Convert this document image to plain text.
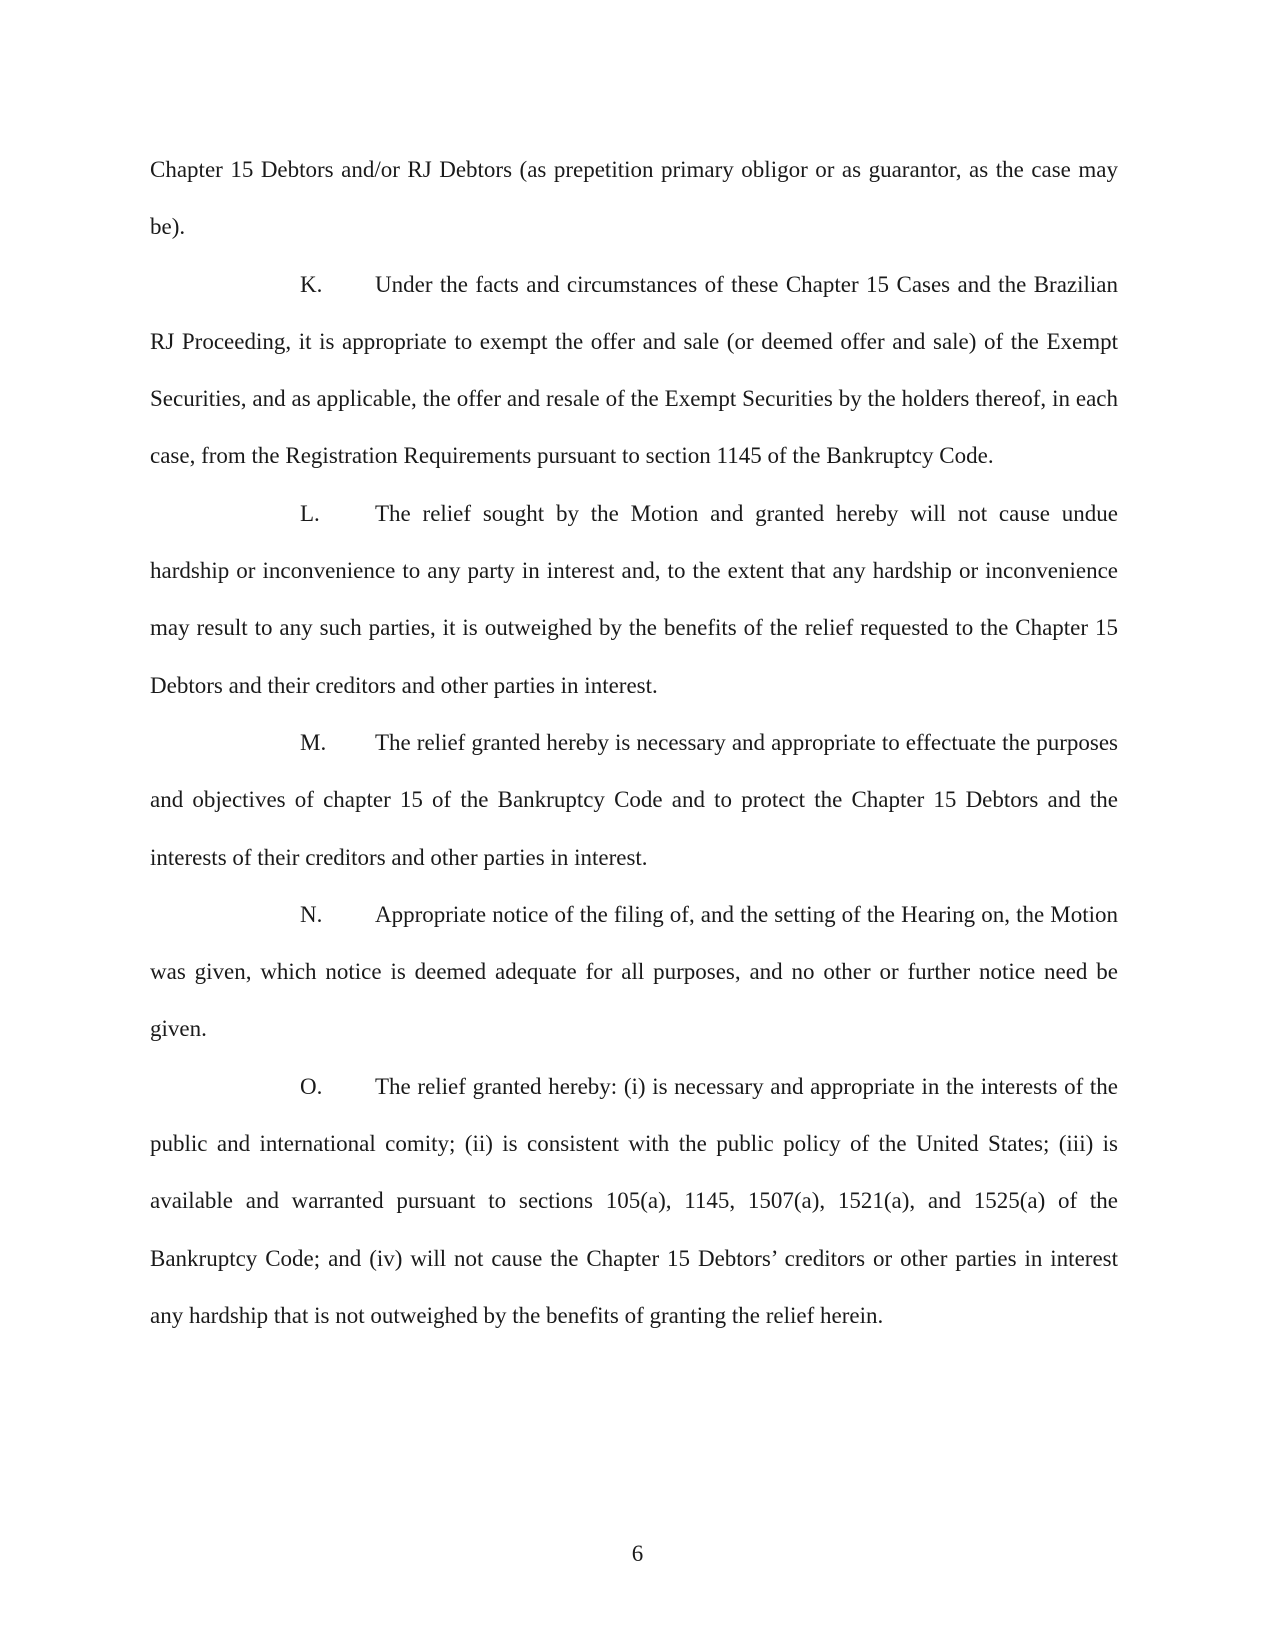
Chapter 15 Debtors and/or RJ Debtors (as prepetition primary obligor or as guarantor, as the case may be).

K. Under the facts and circumstances of these Chapter 15 Cases and the Brazilian RJ Proceeding, it is appropriate to exempt the offer and sale (or deemed offer and sale) of the Exempt Securities, and as applicable, the offer and resale of the Exempt Securities by the holders thereof, in each case, from the Registration Requirements pursuant to section 1145 of the Bankruptcy Code.

L. The relief sought by the Motion and granted hereby will not cause undue hardship or inconvenience to any party in interest and, to the extent that any hardship or inconvenience may result to any such parties, it is outweighed by the benefits of the relief requested to the Chapter 15 Debtors and their creditors and other parties in interest.

M. The relief granted hereby is necessary and appropriate to effectuate the purposes and objectives of chapter 15 of the Bankruptcy Code and to protect the Chapter 15 Debtors and the interests of their creditors and other parties in interest.

N. Appropriate notice of the filing of, and the setting of the Hearing on, the Motion was given, which notice is deemed adequate for all purposes, and no other or further notice need be given.

O. The relief granted hereby: (i) is necessary and appropriate in the interests of the public and international comity; (ii) is consistent with the public policy of the United States; (iii) is available and warranted pursuant to sections 105(a), 1145, 1507(a), 1521(a), and 1525(a) of the Bankruptcy Code; and (iv) will not cause the Chapter 15 Debtors’ creditors or other parties in interest any hardship that is not outweighed by the benefits of granting the relief herein.

6
